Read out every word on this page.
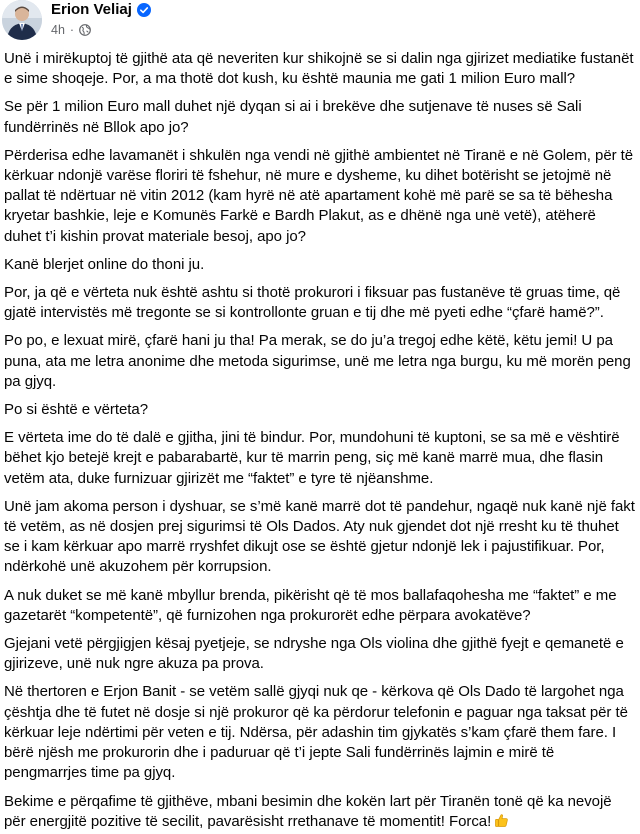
Erion Veliaj
4h ·

Unë i mirëkuptoj të gjithë ata që neveriten kur shikojnë se si dalin nga gjirizet mediatike fustanët e sime shoqeje. Por, a ma thotë dot kush, ku është maunia me gati 1 milion Euro mall?

Se për 1 milion Euro mall duhet një dyqan si ai i brekëve dhe sutjenave të nuses së Sali fundërrinës në Bllok apo jo?

Përderisa edhe lavamanët i shkulën nga vendi në gjithë ambientet në Tiranë e në Golem, për të kërkuar ndonjë varëse floriri të fshehur, në mure e dysheme, ku dihet botërisht se jetojmë në pallat të ndërtuar në vitin 2012 (kam hyrë në atë apartament kohë më parë se sa të bëhesha kryetar bashkie, leje e Komunës Farkë e Bardh Plakut, as e dhënë nga unë vetë), atëherë duhet t’i kishin provat materiale besoj, apo jo?

Kanë blerjet online do thoni ju.

Por, ja që e vërteta nuk është ashtu si thotë prokurori i fiksuar pas fustanëve të gruas time, që gjatë intervistës më tregonte se si kontrollonte gruan e tij dhe më pyeti edhe “çfarë hamë?”.

Po po, e lexuat mirë, çfarë hani ju tha! Pa merak, se do ju’a tregoj edhe këtë, këtu jemi! U pa puna, ata me letra anonime dhe metoda sigurimse, unë me letra nga burgu, ku më morën peng pa gjyq.

Po si është e vërteta?

E vërteta ime do të dalë e gjitha, jini të bindur. Por, mundohuni të kuptoni, se sa më e vështirë bëhet kjo betejë krejt e pabarabartë, kur të marrin peng, siç më kanë marrë mua, dhe flasin vetëm ata, duke furnizuar gjirizët me “faktet” e tyre të njëanshme.

Unë jam akoma person i dyshuar, se s’më kanë marrë dot të pandehur, ngaqë nuk kanë një fakt të vetëm, as në dosjen prej sigurimsi të Ols Dados. Aty nuk gjendet dot një rresht ku të thuhet se i kam kërkuar apo marrë rryshfet dikujt ose se është gjetur ndonjë lek i pajustifikuar. Por, ndërkohë unë akuzohem për korrupsion.

A nuk duket se më kanë mbyllur brenda, pikërisht që të mos ballafaqohesha me “faktet” e me gazetarët “kompetentë”, që furnizohen nga prokurorët edhe përpara avokatëve?

Gjejani vetë përgjigjen kësaj pyetjeje, se ndryshe nga Ols violina dhe gjithë fyejt e qemanetë e gjirizeve, unë nuk ngre akuza pa prova.

Në thertoren e Erjon Banit - se vetëm sallë gjyqi nuk qe - kërkova që Ols Dado të largohet nga çështja dhe të futet në dosje si një prokuror që ka përdorur telefonin e paguar nga taksat për të kërkuar leje ndërtimi për veten e tij. Ndërsa, për adashin tim gjykatës s’kam çfarë them fare. I bërë njësh me prokurorin dhe i paduruar që t’i jepte Sali fundërrinës lajmin e mirë të pengmarrjes time pa gjyq.

Bekime e përqafime të gjithëve, mbani besimin dhe kokën lart për Tiranën tonë që ka nevojë për energjitë pozitive të secilit, pavarësisht rrethanave të momentit! Forca!
